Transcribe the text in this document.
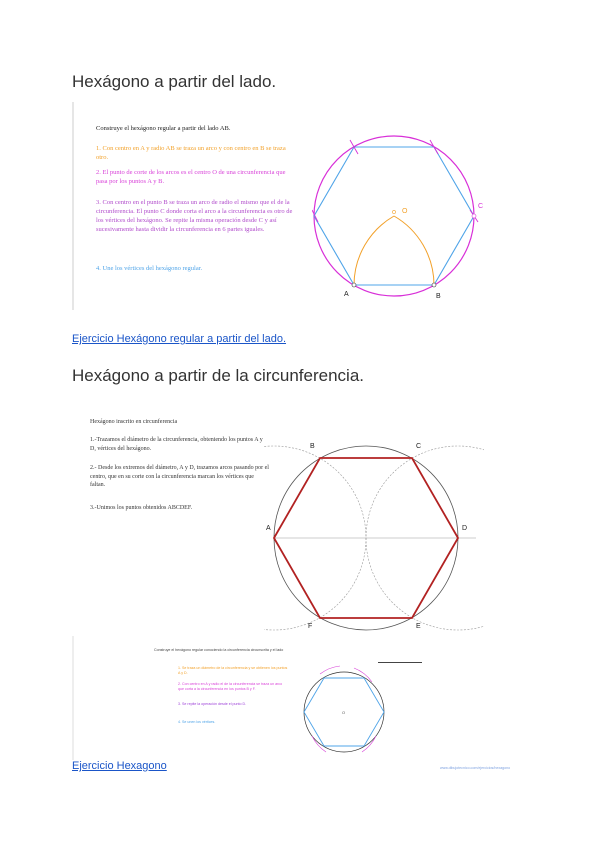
Hexágono a partir del lado.
Construye el hexágono regular a partir del lado AB.
1. Con centro en A y radio AB se traza un arco y con centro en B se traza otro.
2. El punto de corte de los arcos es el centro O de una circunferencia que pasa por los puntos A y B.
3. Con centro en el punto B se traza un arco de radio el mismo que el de la circunferencia. El punto C donde corta el arco a la circunferencia es otro de los vértices del hexágono. Se repite la misma operación desde C y así sucesivamente hasta dividir la circunferencia en 6 partes iguales.
4. Une los vértices del hexágono regular.
A	B
C
O
Ejercicio Hexágono regular a partir del lado.
Hexágono a partir de la circunferencia.
Hexágono inscrito en circunferencia
1.-Trazamos el diámetro de la circunferencia, obteniendo los puntos A y D, vértices del hexágono.
2.- Desde los extremos del diámetro, A y D, trazamos arcos pasando por el centro, que en su corte con la circunferencia marcan los vértices que faltan.
3.-Unimos los puntos obtenidos ABCDEF.
A
B	C
D
E
F
Construye el hexágono regular conociendo la circunferencia circunscrita y el lado
1. Se traza un diámetro de la circunferencia y se obtienen los puntos A y D.
2. Con centro en A y radio el de la circunferencia se traza un arco que corta a la circunferencia en los puntos B y F.
3. Se repite la operación desde el punto D.
4. Se unen los vértices.
O
Ejercicio Hexagono	www.dibujotecnico.com/ejercicios/hexagono
